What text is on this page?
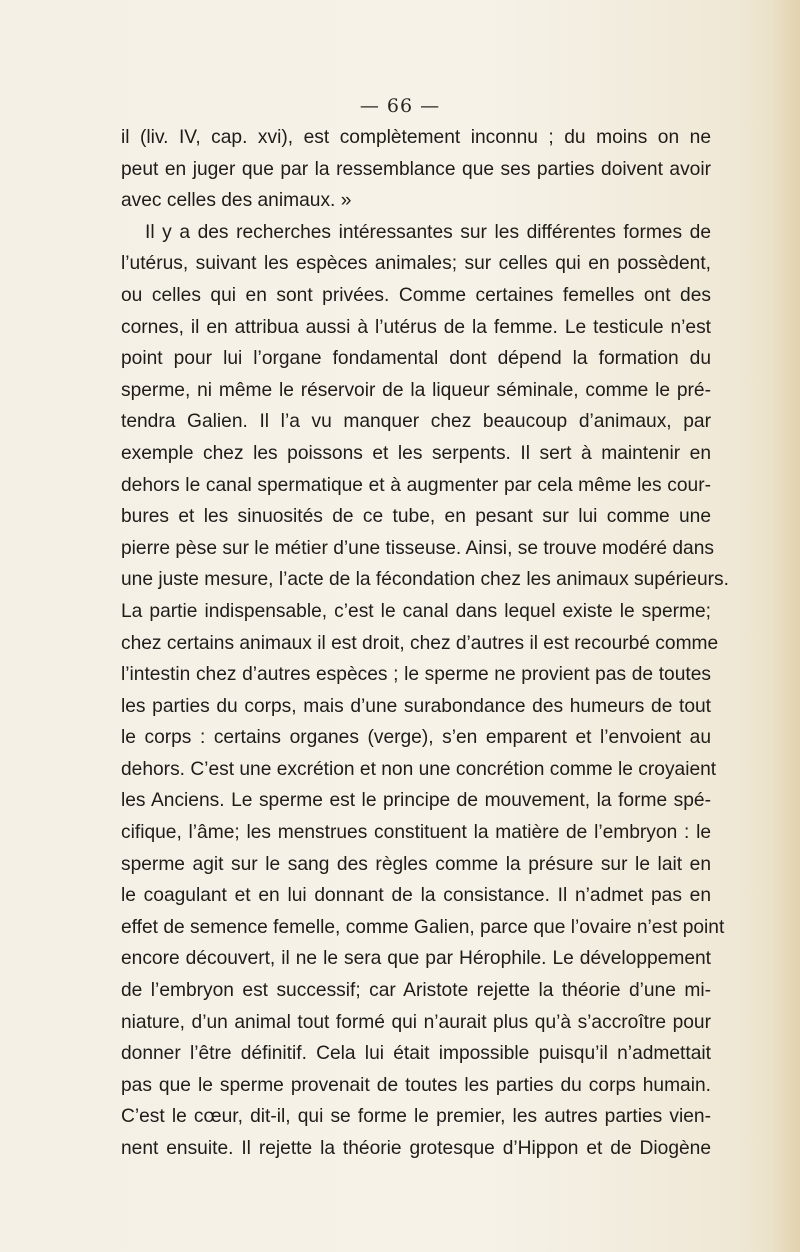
— 66 —
il (liv. IV, cap. xvi), est complètement inconnu ; du moins on ne
peut en juger que par la ressemblance que ses parties doivent avoir
avec celles des animaux. »
Il y a des recherches intéressantes sur les différentes formes de
l’utérus, suivant les espèces animales; sur celles qui en possèdent,
ou celles qui en sont privées. Comme certaines femelles ont des
cornes, il en attribua aussi à l’utérus de la femme. Le testicule n’est
point pour lui l’organe fondamental dont dépend la formation du
sperme, ni même le réservoir de la liqueur séminale, comme le pré-
tendra Galien. Il l’a vu manquer chez beaucoup d’animaux, par
exemple chez les poissons et les serpents. Il sert à maintenir en
dehors le canal spermatique et à augmenter par cela même les cour-
bures et les sinuosités de ce tube, en pesant sur lui comme une
pierre pèse sur le métier d’une tisseuse. Ainsi, se trouve modéré dans
une juste mesure, l’acte de la fécondation chez les animaux supérieurs.
La partie indispensable, c’est le canal dans lequel existe le sperme;
chez certains animaux il est droit, chez d’autres il est recourbé comme
l’intestin chez d’autres espèces ; le sperme ne provient pas de toutes
les parties du corps, mais d’une surabondance des humeurs de tout
le corps : certains organes (verge), s’en emparent et l’envoient au
dehors. C’est une excrétion et non une concrétion comme le croyaient
les Anciens. Le sperme est le principe de mouvement, la forme spé-
cifique, l’âme; les menstrues constituent la matière de l’embryon : le
sperme agit sur le sang des règles comme la présure sur le lait en
le coagulant et en lui donnant de la consistance. Il n’admet pas en
effet de semence femelle, comme Galien, parce que l’ovaire n’est point
encore découvert, il ne le sera que par Hérophile. Le développement
de l’embryon est successif; car Aristote rejette la théorie d’une mi-
niature, d’un animal tout formé qui n’aurait plus qu’à s’accroître pour
donner l’être définitif. Cela lui était impossible puisqu’il n’admettait
pas que le sperme provenait de toutes les parties du corps humain.
C’est le cœur, dit-il, qui se forme le premier, les autres parties vien-
nent ensuite. Il rejette la théorie grotesque d’Hippon et de Diogène
